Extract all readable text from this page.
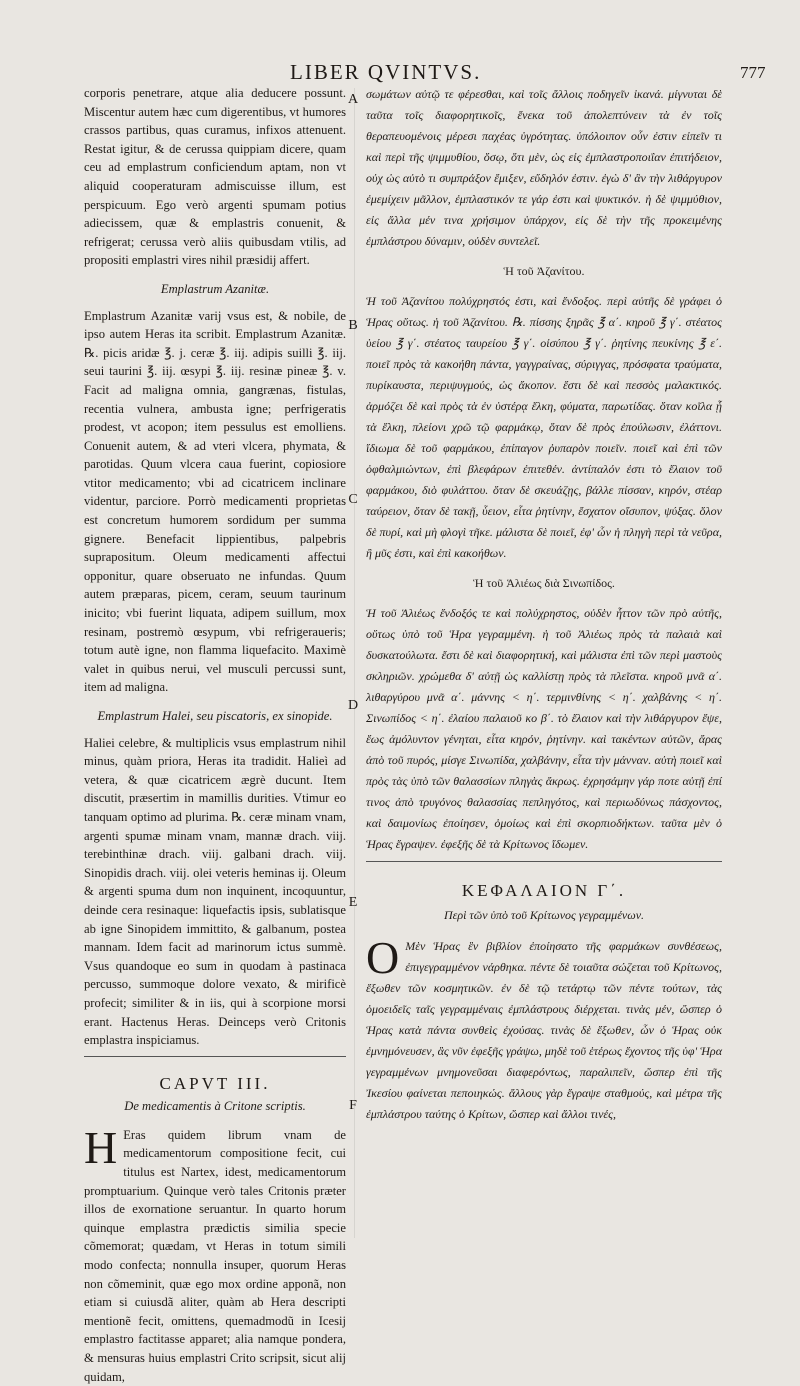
LIBER QVINTVS.	777
A
B
C
D
E
F

corporis penetrare, atque alia deducere possunt. Miscentur autem hæc cum digerentibus, vt humores crassos partibus, quas curamus, infixos attenuent. Restat igitur, & de cerussa quippiam dicere, quam ceu ad emplastrum conficiendum aptam, non vt aliquid cooperaturam admiscuisse illum, est perspicuum. Ego verò argenti spumam potius adiecissem, quæ & emplastris conuenit, & refrigerat; cerussa verò aliis quibusdam vtilis, ad propositi emplastri vires nihil præsidij affert.

Emplastrum Azanitæ.

Emplastrum Azanitæ varij vsus est, & nobile, de ipso autem Heras ita scribit. Emplastrum Azanitæ. ℞. picis aridæ ℥. j. ceræ ℥. iij. adipis suilli ℥. iij. seui taurini ℥. iij. œsypi ℥. iij. resinæ pineæ ℥. v. Facit ad maligna omnia, gangrænas, fistulas, recentia vulnera, ambusta igne; perfrigeratis prodest, vt acopon; item pessulus est emolliens. Conuenit autem, & ad vteri vlcera, phymata, & parotidas. Quum vlcera caua fuerint, copiosiore vtitor medicamento; vbi ad cicatricem inclinare videntur, parciore. Porrò medicamenti proprietas est concretum humorem sordidum per summa gignere. Benefacit lippientibus, palpebris suprapositum. Oleum medicamenti affectui opponitur, quare obseruato ne infundas. Quum autem præparas, picem, ceram, seuum taurinum inicito; vbi fuerint liquata, adipem suillum, mox resinam, postremò œsypum, vbi refrigeraueris; totum autè igne, non flamma liquefacito. Maximè valet in quibus nerui, vel musculi percussi sunt, item ad maligna.

Emplastrum Halei, seu piscatoris, ex sinopide.

Haliei celebre, & multiplicis vsus emplastrum nihil minus, quàm priora, Heras ita tradidit. Halieì ad vetera, & quæ cicatricem ægrè ducunt. Item discutit, præsertim in mamillis durities. Vtimur eo tanquam optimo ad plurima. ℞. ceræ minam vnam, argenti spumæ minam vnam, mannæ drach. viij. terebinthinæ drach. viij. galbani drach. viij. Sinopidis drach. viij. olei veteris heminas ij. Oleum & argenti spuma dum non inquinent, incoquuntur, deinde cera resinaque: liquefactis ipsis, sublatisque ab igne Sinopidem immittito, & galbanum, postea mannam. Idem facit ad marinorum ictus summè. Vsus quandoque eo sum in quodam à pastinaca percusso, summoque dolore vexato, & mirificè profecit; similiter & in iis, qui à scorpione morsi erant. Hactenus Heras. Deinceps verò Critonis emplastra inspiciamus.

CAPVT III.

De medicamentis à Critone scriptis.

H Eras quidem librum vnam de medicamentorum compositione fecit, cui titulus est Nartex, idest, medicamentorum promptuarium. Quinque verò tales Critonis præter illos de exornatione seruantur. In quarto horum quinque emplastra prædictis similia specie cõmemorat; quædam, vt Heras in totum simili modo confecta; nonnulla insuper, quorum Heras non cõmeminit, quæ ego mox ordine apponã, non etiam si cuiusdã aliter, quàm ab Hera descripti mentionẽ fecit, omittens, quemadmodũ in Icesij emplastro factitasse apparet; alia namque pondera, & mensuras huius emplastri Crito scripsit, sicut alij quidam,

σωμάτων αὐτῷ τε φέρεσθαι, καὶ τοῖς ἄλλοις ποδηγεῖν ἱκανά. μίγνυται δὲ ταῦτα τοῖς διαφορητικοῖς, ἕνεκα τοῦ ἀπολεπτύνειν τὰ ἐν τοῖς θεραπευομένοις μέρεσι παχέας ὑγρότητας. ὑπόλοιπον οὖν ἐστιν εἰπεῖν τι καὶ περὶ τῆς ψιμμυθίου, ὅσῳ, ὅτι μὲν, ὡς εἰς ἐμπλαστροποιΐαν ἐπιτήδειον, οὐχ ὡς αὐτὸ τι συμπράξον ἔμιξεν, εὔδηλόν ἐστιν. ἐγὼ δ' ἂν τὴν λιθάργυρον ἐμεμίχειν μᾶλλον, ἐμπλαστικόν τε γάρ ἐστι καὶ ψυκτικόν. ἡ δὲ ψιμμύθιον, εἰς ἄλλα μέν τινα χρήσιμον ὑπάρχον, εἰς δὲ τὴν τῆς προκειμένης ἐμπλάστρου δύναμιν, οὐδὲν συντελεῖ.

Ἡ τοῦ Ἀζανίτου.

Ἡ τοῦ Ἀζανίτου πολύχρηστός ἐστι, καὶ ἔνδοξος. περὶ αὐτῆς δὲ γράφει ὁ Ἡρας οὕτως. ἡ τοῦ Ἀζανίτου. ℞. πίσσης ξηρᾶς ℥ α΄. κηροῦ ℥ γ΄. στέατος ὑείου ℥ γ΄. στέατος ταυρείου ℥ γ΄. οἰσύπου ℥ γ΄. ῥητίνης πευκίνης ℥ ε΄. ποιεῖ πρὸς τὰ κακοήθη πάντα, γαγγραίνας, σύριγγας, πρόσφατα τραύματα, πυρίκαυστα, περιψυγμούς, ὡς ἄκοπον. ἔστι δὲ καὶ πεσσὸς μαλακτικός. ἁρμόζει δὲ καὶ πρὸς τὰ ἐν ὑστέρᾳ ἕλκη, φύματα, παρωτίδας. ὅταν κοῖλα ᾖ τὰ ἕλκη, πλείονι χρῶ τῷ φαρμάκῳ, ὅταν δὲ πρὸς ἐπούλωσιν, ἐλάττονι. ἴδιωμα δὲ τοῦ φαρμάκου, ἐπίπαγον ῥυπαρὸν ποιεῖν. ποιεῖ καὶ ἐπὶ τῶν ὀφθαλμιώντων, ἐπὶ βλεφάρων ἐπιτεθέν. ἀντίπαλόν ἐστι τὸ ἔλαιον τοῦ φαρμάκου, διὸ φυλάττου. ὅταν δὲ σκευάζῃς, βάλλε πίσσαν, κηρόν, στέαρ ταύρειον, ὅταν δὲ τακῇ, ὗειον, εἶτα ῥητίνην, ἔσχατον οἴσυπον, ψύξας. ὅλον δὲ πυρί, καὶ μὴ φλογὶ τῆκε. μάλιστα δὲ ποιεῖ, ἐφ' ὧν ἡ πληγὴ περὶ τὰ νεῦρα, ἢ μῦς ἐστι, καὶ ἐπὶ κακοήθων.

Ἡ τοῦ Ἁλιέως διὰ Σινωπίδος.

Ἡ τοῦ Ἁλιέως ἔνδοξός τε καὶ πολύχρηστος, οὐδὲν ἧττον τῶν πρὸ αὐτῆς, οὕτως ὑπὸ τοῦ Ἡρα γεγραμμένη. ἡ τοῦ Ἁλιέως πρὸς τὰ παλαιὰ καὶ δυσκατούλωτα. ἔστι δὲ καὶ διαφορητική, καὶ μάλιστα ἐπὶ τῶν περὶ μαστοὺς σκληριῶν. χρώμεθα δ' αὐτῇ ὡς καλλίστῃ πρὸς τὰ πλεῖστα. κηροῦ μνᾶ α΄. λιθαργύρου μνᾶ α΄. μάννης < η΄. τερμινθίνης < η΄. χαλβάνης < η΄. Σινωπίδος < η΄. ἐλαίου παλαιοῦ κο β΄. τὸ ἔλαιον καὶ τὴν λιθάργυρον ἕψε, ἕως ἀμόλυντον γένηται, εἶτα κηρόν, ῥητίνην. καὶ τακέντων αὐτῶν, ἄρας ἀπὸ τοῦ πυρός, μίσγε Σινωπίδα, χαλβάνην, εἶτα τὴν μάνναν. αὐτὴ ποιεῖ καὶ πρὸς τὰς ὑπὸ τῶν θαλασσίων πληγὰς ἄκρως. ἐχρησάμην γάρ ποτε αὐτῇ ἐπί τινος ἀπὸ τρυγόνος θαλασσίας πεπληγότος, καὶ περιωδύνως πάσχοντος, καὶ δαιμονίως ἐποίησεν, ὁμοίως καὶ ἐπὶ σκορπιοδήκτων. ταῦτα μὲν ὁ Ἡρας ἔγραψεν. ἐφεξῆς δὲ τὰ Κρίτωνος ἴδωμεν.

ΚΕΦΑΛΑΙΟΝ Γ΄.

Περὶ τῶν ὑπὸ τοῦ Κρίτωνος γεγραμμένων.

Ο Μὲν Ἡρας ἓν βιβλίον ἐποίησατο τῆς φαρμάκων συνθέσεως, ἐπιγεγραμμένον νάρθηκα. πέντε δὲ τοιαῦτα σώζεται τοῦ Κρίτωνος, ἔξωθεν τῶν κοσμητικῶν. ἐν δὲ τῷ τετάρτῳ τῶν πέντε τούτων, τὰς ὁμοειδεῖς ταῖς γεγραμμέναις ἐμπλάστρους διέρχεται. τινὰς μέν, ὥσπερ ὁ Ἡρας κατὰ πάντα συνθεὶς ἐχούσας. τινὰς δὲ ἔξωθεν, ὧν ὁ Ἡρας οὐκ ἐμνημόνευσεν, ἃς νῦν ἐφεξῆς γράψω, μηδὲ τοῦ ἑτέρως ἔχοντος τῆς ὑφ' Ἡρα γεγραμμένων μνημονεῦσαι διαφερόντως, παραλιπεῖν, ὥσπερ ἐπὶ τῆς Ἰκεσίου φαίνεται πεποιηκώς. ἄλλους γὰρ ἔγραψε σταθμούς, καὶ μέτρα τῆς ἐμπλάστρου ταύτης ὁ Κρίτων, ὥσπερ καὶ ἄλλοι τινές,
